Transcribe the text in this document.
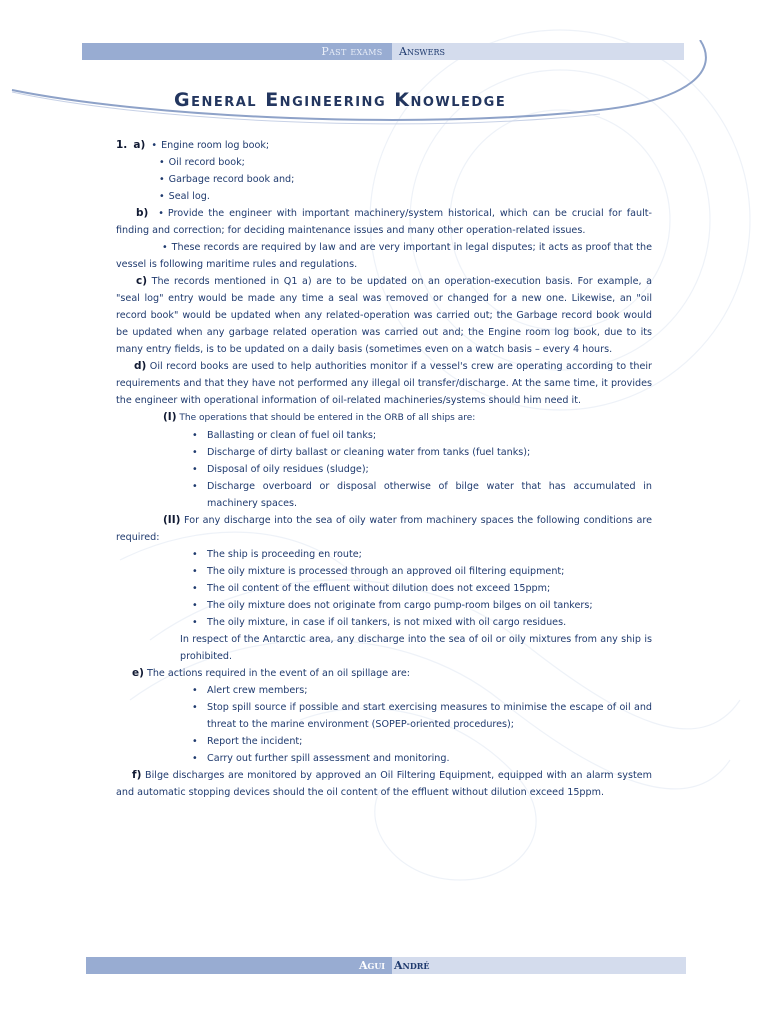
Past exams	Answers
General Engineering Knowledge

1. a) • Engine room log book;

• Oil record book;

• Garbage record book and;

• Seal log.

b) • Provide the engineer with important machinery/system historical, which can be crucial for fault-finding and correction; for deciding maintenance issues and many other operation-related issues.

• These records are required by law and are very important in legal disputes; it acts as proof that the vessel is following maritime rules and regulations.

c) The records mentioned in Q1 a) are to be updated on an operation-execution basis. For example, a "seal log" entry would be made any time a seal was removed or changed for a new one. Likewise, an "oil record book" would be updated when any related-operation was carried out; the Garbage record book would be updated when any garbage related operation was carried out and; the Engine room log book, due to its many entry fields, is to be updated on a daily basis (sometimes even on a watch basis – every 4 hours.

d) Oil record books are used to help authorities monitor if a vessel's crew are operating according to their requirements and that they have not performed any illegal oil transfer/discharge. At the same time, it provides the engineer with operational information of oil-related machineries/systems should him need it.

(I) The operations that should be entered in the ORB of all ships are:

• Ballasting or clean of fuel oil tanks;
• Discharge of dirty ballast or cleaning water from tanks (fuel tanks);
• Disposal of oily residues (sludge);
• Discharge overboard or disposal otherwise of bilge water that has accumulated in machinery spaces.

(II) For any discharge into the sea of oily water from machinery spaces the following conditions are required:

• The ship is proceeding en route;
• The oily mixture is processed through an approved oil filtering equipment;
• The oil content of the effluent without dilution does not exceed 15ppm;
• The oily mixture does not originate from cargo pump-room bilges on oil tankers;
• The oily mixture, in case if oil tankers, is not mixed with oil cargo residues.

In respect of the Antarctic area, any discharge into the sea of oil or oily mixtures from any ship is prohibited.

e) The actions required in the event of an oil spillage are:

• Alert crew members;
• Stop spill source if possible and start exercising measures to minimise the escape of oil and threat to the marine environment (SOPEP-oriented procedures);
• Report the incident;
• Carry out further spill assessment and monitoring.

f) Bilge discharges are monitored by approved an Oil Filtering Equipment, equipped with an alarm system and automatic stopping devices should the oil content of the effluent without dilution exceed 15ppm.

Agui André
